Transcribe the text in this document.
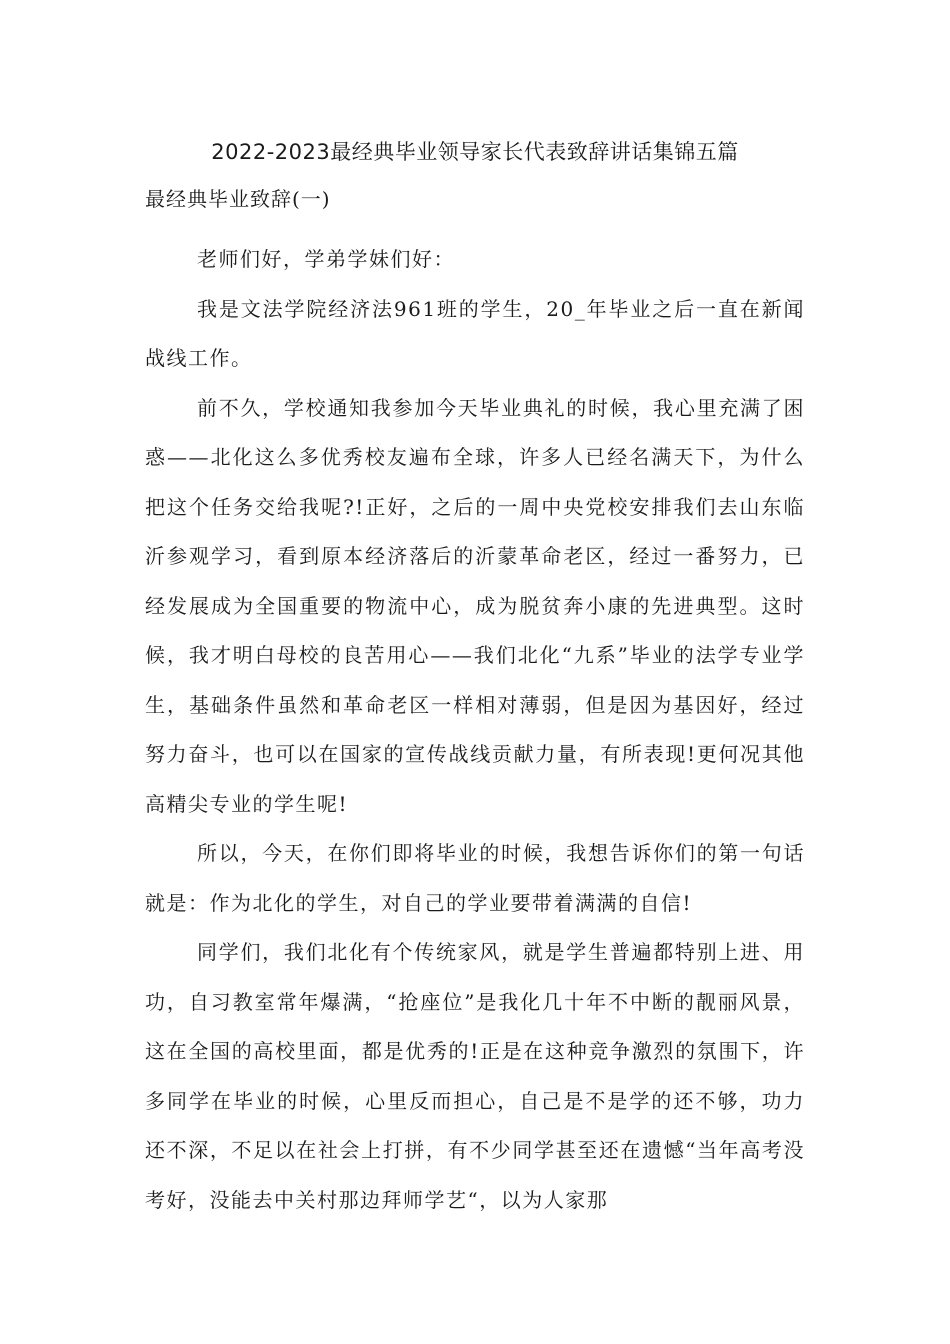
2022-2023最经典毕业领导家长代表致辞讲话集锦五篇
最经典毕业致辞(一)

老师们好，学弟学妹们好：

我是文法学院经济法961班的学生，20_年毕业之后一直在新闻战线工作。

前不久，学校通知我参加今天毕业典礼的时候，我心里充满了困惑——北化这么多优秀校友遍布全球，许多人已经名满天下，为什么把这个任务交给我呢?!正好，之后的一周中央党校安排我们去山东临沂参观学习，看到原本经济落后的沂蒙革命老区，经过一番努力，已经发展成为全国重要的物流中心，成为脱贫奔小康的先进典型。这时候，我才明白母校的良苦用心——我们北化“九系”毕业的法学专业学生，基础条件虽然和革命老区一样相对薄弱，但是因为基因好，经过努力奋斗，也可以在国家的宣传战线贡献力量，有所表现!更何况其他高精尖专业的学生呢!

所以，今天，在你们即将毕业的时候，我想告诉你们的第一句话就是：作为北化的学生，对自己的学业要带着满满的自信!

同学们，我们北化有个传统家风，就是学生普遍都特别上进、用功，自习教室常年爆满，“抢座位”是我化几十年不中断的靓丽风景，这在全国的高校里面，都是优秀的!正是在这种竞争激烈的氛围下，许多同学在毕业的时候，心里反而担心，自己是不是学的还不够，功力还不深，不足以在社会上打拼，有不少同学甚至还在遗憾“当年高考没考好，没能去中关村那边拜师学艺“，以为人家那
